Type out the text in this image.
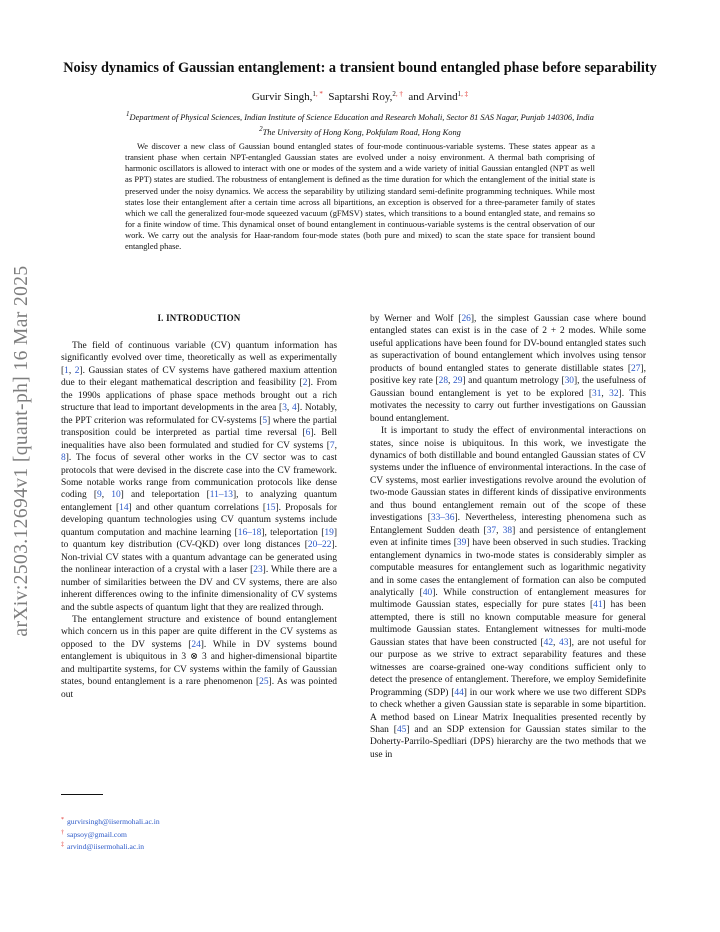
arXiv:2503.12694v1 [quant-ph] 16 Mar 2025
Noisy dynamics of Gaussian entanglement: a transient bound entangled phase before separability
Gurvir Singh,$^{1, *}$ Saptarshi Roy,$^{2, \dagger}$ and Arvind$^{1, \ddagger}$
$^1$Department of Physical Sciences, Indian Institute of Science Education and Research Mohali, Sector 81 SAS Nagar, Punjab 140306, India
$^2$The University of Hong Kong, Pokfulam Road, Hong Kong
We discover a new class of Gaussian bound entangled states of four-mode continuous-variable systems. These states appear as a transient phase when certain NPT-entangled Gaussian states are evolved under a noisy environment. A thermal bath comprising of harmonic oscillators is allowed to interact with one or modes of the system and a wide variety of initial Gaussian entangled (NPT as well as PPT) states are studied. The robustness of entanglement is defined as the time duration for which the entanglement of the initial state is preserved under the noisy dynamics. We access the separability by utilizing standard semi-definite programming techniques. While most states lose their entanglement after a certain time across all bipartitions, an exception is observed for a three-parameter family of states which we call the generalized four-mode squeezed vacuum (gFMSV) states, which transitions to a bound entangled state, and remains so for a finite window of time. This dynamical onset of bound entanglement in continuous-variable systems is the central observation of our work. We carry out the analysis for Haar-random four-mode states (both pure and mixed) to scan the state space for transient bound entangled phase.
I. INTRODUCTION

The field of continuous variable (CV) quantum information has significantly evolved over time, theoretically as well as experimentally [1, 2]. Gaussian states of CV systems have gathered maxium attention due to their elegant mathematical description and feasibility [2]. From the 1990s applications of phase space methods brought out a rich structure that lead to important developments in the area [3, 4]. Notably, the PPT criterion was reformulated for CV-systems [5] where the partial transposition could be interpreted as partial time reversal [6]. Bell inequalities have also been formulated and studied for CV systems [7, 8]. The focus of several other works in the CV sector was to cast protocols that were devised in the discrete case into the CV framework. Some notable works range from communication protocols like dense coding [9, 10] and teleportation [11–13], to analyzing quantum entanglement [14] and other quantum correlations [15]. Proposals for developing quantum technologies using CV quantum systems include quantum computation and machine learning [16–18], teleportation [19] to quantum key distribution (CV-QKD) over long distances [20–22]. Non-trivial CV states with a quantum advantage can be generated using the nonlinear interaction of a crystal with a laser [23]. While there are a number of similarities between the DV and CV systems, there are also inherent differences owing to the infinite dimensionality of CV systems and the subtle aspects of quantum light that they are realized through.

The entanglement structure and existence of bound entanglement which concern us in this paper are quite different in the CV systems as opposed to the DV systems [24]. While in DV systems bound entanglement is ubiquitous in 3 ⊗ 3 and higher-dimensional bipartite and multipartite systems, for CV systems within the family of Gaussian states, bound entanglement is a rare phenomenon [25]. As was pointed out

by Werner and Wolf [26], the simplest Gaussian case where bound entangled states can exist is in the case of 2 + 2 modes. While some useful applications have been found for DV-bound entangled states such as superactivation of bound entanglement which involves using tensor products of bound entangled states to generate distillable states [27], positive key rate [28, 29] and quantum metrology [30], the usefulness of Gaussian bound entanglement is yet to be explored [31, 32]. This motivates the necessity to carry out further investigations on Gaussian bound entanglement.

It is important to study the effect of environmental interactions on states, since noise is ubiquitous. In this work, we investigate the dynamics of both distillable and bound entangled Gaussian states of CV systems under the influence of environmental interactions. In the case of CV systems, most earlier investigations revolve around the evolution of two-mode Gaussian states in different kinds of dissipative environments and thus bound entanglement remain out of the scope of these investigations [33–36]. Nevertheless, interesting phenomena such as Entanglement Sudden death [37, 38] and persistence of entanglement even at infinite times [39] have been observed in such studies. Tracking entanglement dynamics in two-mode states is considerably simpler as computable measures for entanglement such as logarithmic negativity and in some cases the entanglement of formation can also be computed analytically [40]. While construction of entanglement measures for multimode Gaussian states, especially for pure states [41] has been attempted, there is still no known computable measure for general multimode Gaussian states. Entanglement witnesses for multi-mode Gaussian states that have been constructed [42, 43], are not useful for our purpose as we strive to extract separability features and these witnesses are coarse-grained one-way conditions sufficient only to detect the presence of entanglement. Therefore, we employ Semidefinite Programming (SDP) [44] in our work where we use two different SDPs to check whether a given Gaussian state is separable in some bipartition. A method based on Linear Matrix Inequalities presented recently by Shan [45] and an SDP extension for Gaussian states similar to the Doherty-Parrilo-Spedliari (DPS) hierarchy are the two methods that we use in

* gurvirsingh@iisermohali.ac.in
† sapsoy@gmail.com
‡ arvind@iisermohali.ac.in
